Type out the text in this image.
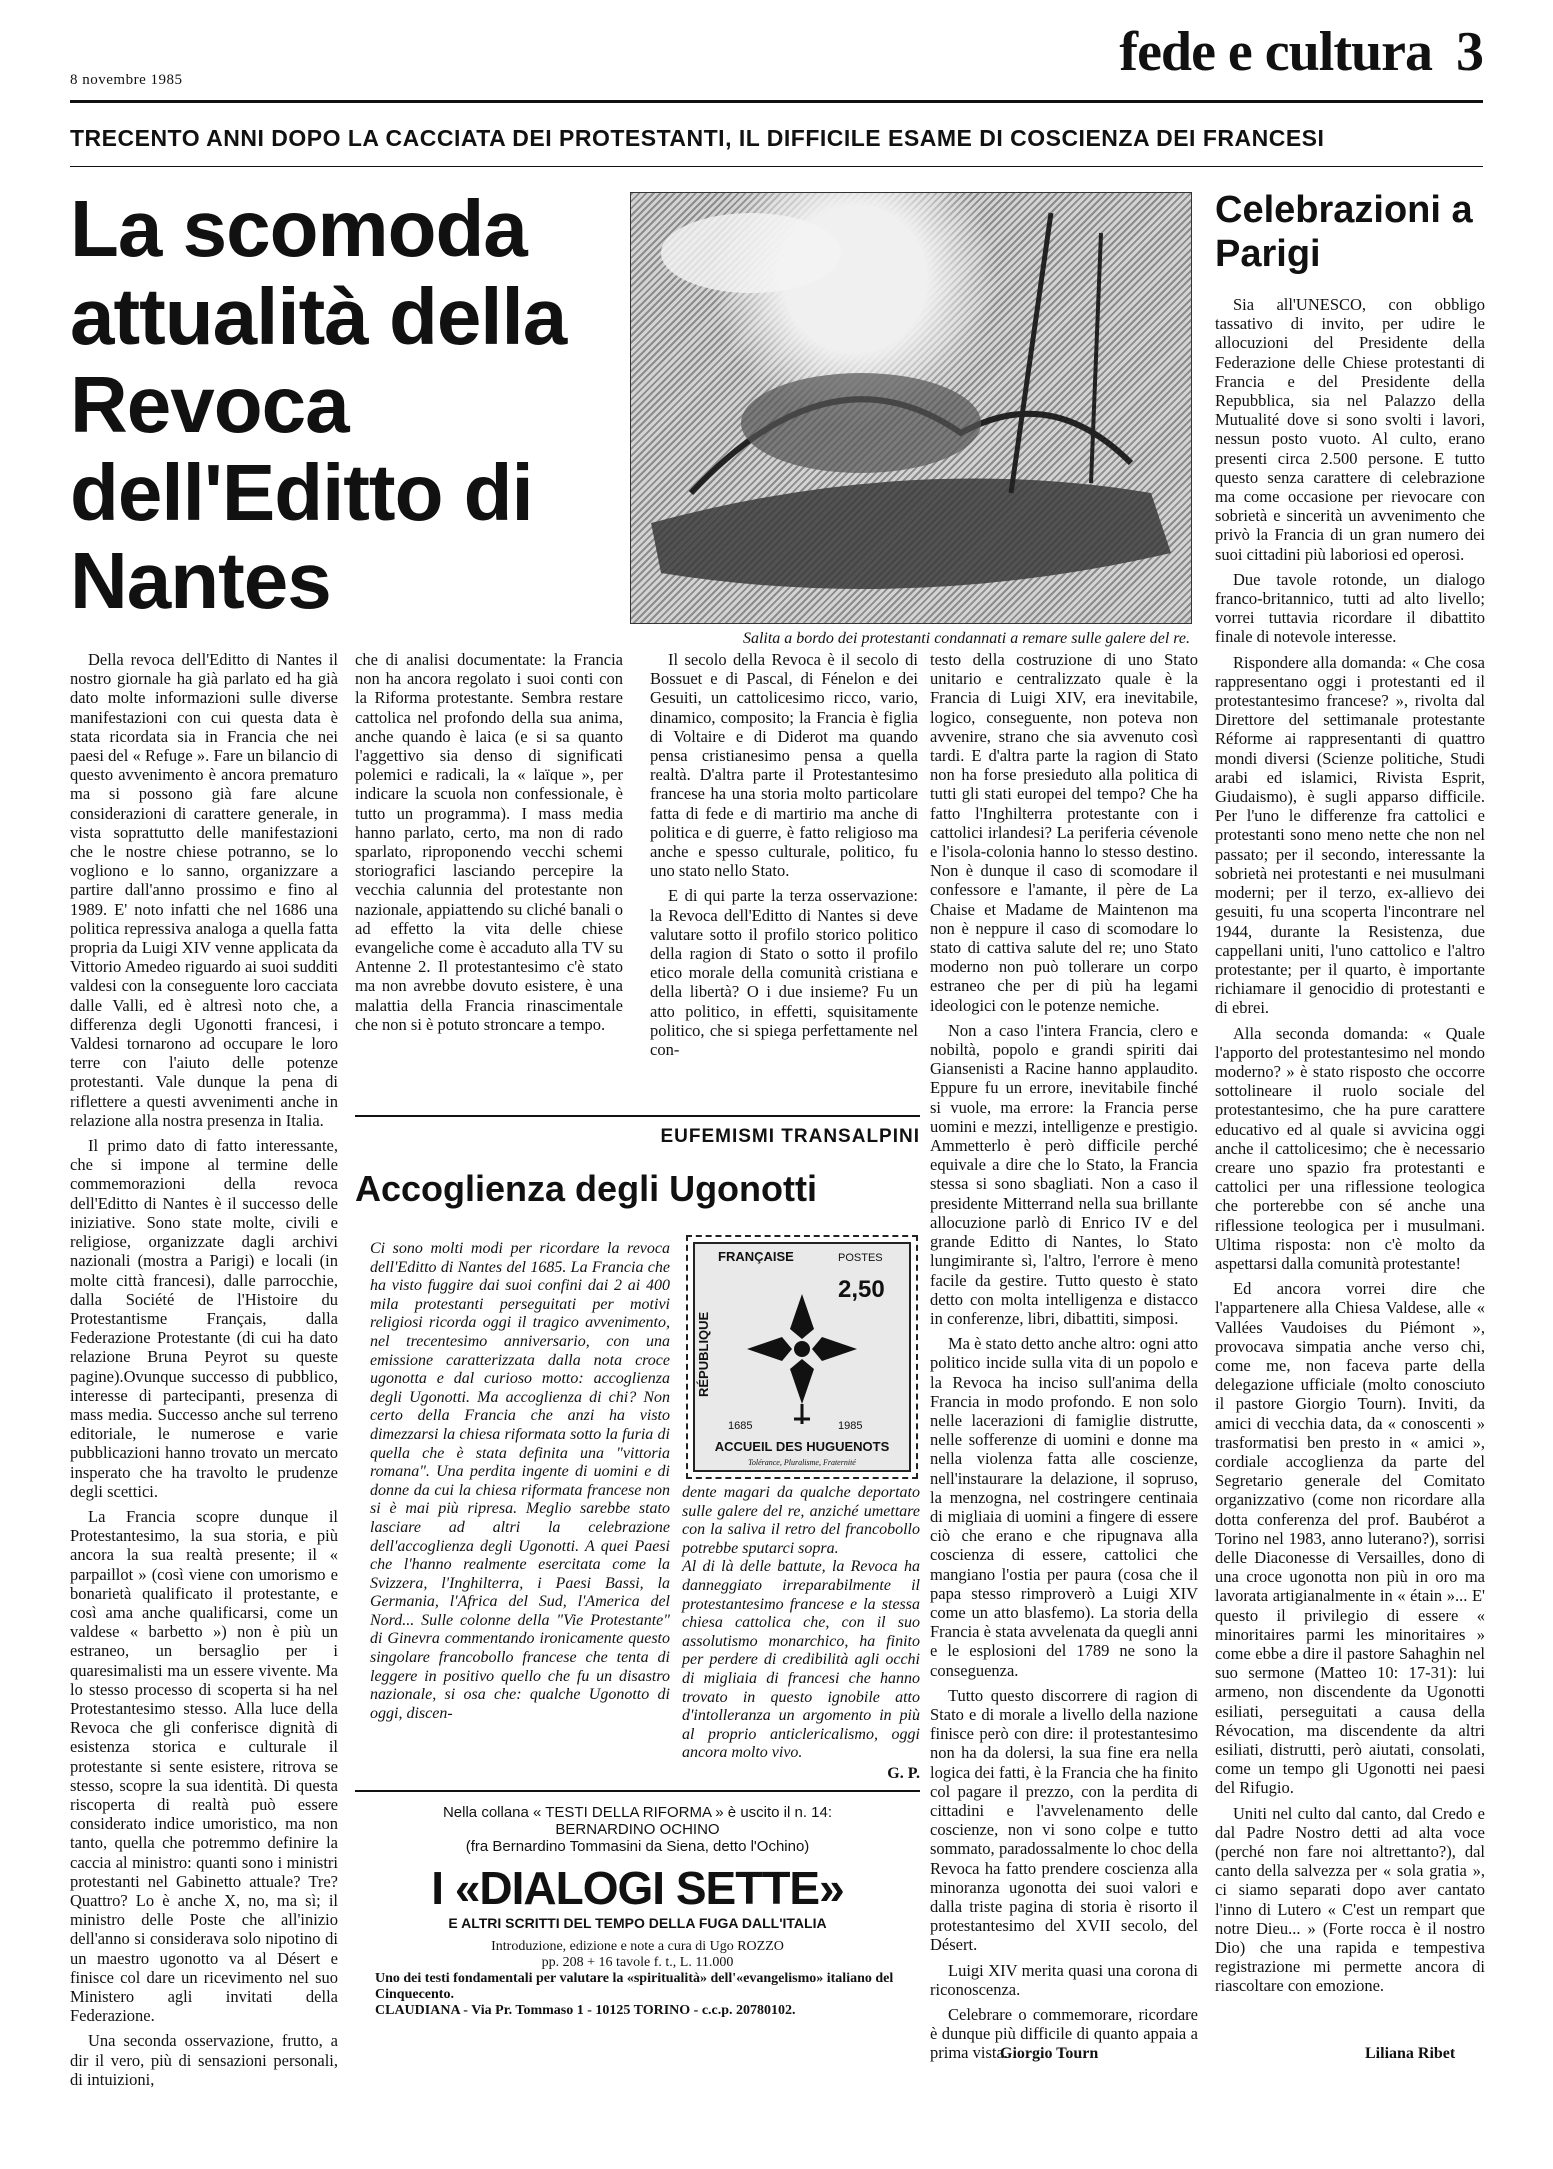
8 novembre 1985	fede e cultura 3
TRECENTO ANNI DOPO LA CACCIATA DEI PROTESTANTI, IL DIFFICILE ESAME DI COSCIENZA DEI FRANCESI
La scomoda attualità della Revoca dell'Editto di Nantes
Salita a bordo dei protestanti condannati a remare sulle galere del re.

Della revoca dell'Editto di Nantes il nostro giornale ha già parlato ed ha già dato molte informazioni sulle diverse manifestazioni con cui questa data è stata ricordata sia in Francia che nei paesi del « Refuge ». Fare un bilancio di questo avvenimento è ancora prematuro ma si possono già fare alcune considerazioni di carattere generale, in vista soprattutto delle manifestazioni che le nostre chiese potranno, se lo vogliono e lo sanno, organizzare a partire dall'anno prossimo e fino al 1989. E' noto infatti che nel 1686 una politica repressiva analoga a quella fatta propria da Luigi XIV venne applicata da Vittorio Amedeo riguardo ai suoi sudditi valdesi con la conseguente loro cacciata dalle Valli, ed è altresì noto che, a differenza degli Ugonotti francesi, i Valdesi tornarono ad occupare le loro terre con l'aiuto delle potenze protestanti. Vale dunque la pena di riflettere a questi avvenimenti anche in relazione alla nostra presenza in Italia.

Il primo dato di fatto interessante, che si impone al termine delle commemorazioni della revoca dell'Editto di Nantes è il successo delle iniziative. Sono state molte, civili e religiose, organizzate dagli archivi nazionali (mostra a Parigi) e locali (in molte città francesi), dalle parrocchie, dalla Société de l'Histoire du Protestantisme Français, dalla Federazione Protestante (di cui ha dato relazione Bruna Peyrot su queste pagine).Ovunque successo di pubblico, interesse di partecipanti, presenza di mass media. Successo anche sul terreno editoriale, le numerose e varie pubblicazioni hanno trovato un mercato insperato che ha travolto le prudenze degli scettici.

La Francia scopre dunque il Protestantesimo, la sua storia, e più ancora la sua realtà presente; il « parpaillot » (così viene con umorismo e bonarietà qualificato il protestante, e così ama anche qualificarsi, come un valdese « barbetto ») non è più un estraneo, un bersaglio per i quaresimalisti ma un essere vivente. Ma lo stesso processo di scoperta si ha nel Protestantesimo stesso. Alla luce della Revoca che gli conferisce dignità di esistenza storica e culturale il protestante si sente esistere, ritrova se stesso, scopre la sua identità. Di questa riscoperta di realtà può essere considerato indice umoristico, ma non tanto, quella che potremmo definire la caccia al ministro: quanti sono i ministri protestanti nel Gabinetto attuale? Tre? Quattro? Lo è anche X, no, ma sì; il ministro delle Poste che all'inizio dell'anno si considerava solo nipotino di un maestro ugonotto va al Désert e finisce col dare un ricevimento nel suo Ministero agli invitati della Federazione.

Una seconda osservazione, frutto, a dir il vero, più di sensazioni personali, di intuizioni,

che di analisi documentate: la Francia non ha ancora regolato i suoi conti con la Riforma protestante. Sembra restare cattolica nel profondo della sua anima, anche quando è laica (e si sa quanto l'aggettivo sia denso di significati polemici e radicali, la « laïque », per indicare la scuola non confessionale, è tutto un programma). I mass media hanno parlato, certo, ma non di rado sparlato, riproponendo vecchi schemi storiografici lasciando percepire la vecchia calunnia del protestante non nazionale, appiattendo su cliché banali o ad effetto la vita delle chiese evangeliche come è accaduto alla TV su Antenne 2. Il protestantesimo c'è stato ma non avrebbe dovuto esistere, è una malattia della Francia rinascimentale che non si è potuto stroncare a tempo.

Il secolo della Revoca è il secolo di Bossuet e di Pascal, di Fénelon e dei Gesuiti, un cattolicesimo ricco, vario, dinamico, composito; la Francia è figlia di Voltaire e di Diderot ma quando pensa cristianesimo pensa a quella realtà. D'altra parte il Protestantesimo francese ha una storia molto particolare fatta di fede e di martirio ma anche di politica e di guerre, è fatto religioso ma anche e spesso culturale, politico, fu uno stato nello Stato.

E di qui parte la terza osservazione: la Revoca dell'Editto di Nantes si deve valutare sotto il profilo storico politico della ragion di Stato o sotto il profilo etico morale della comunità cristiana e della libertà? O i due insieme? Fu un atto politico, in effetti, squisitamente politico, che si spiega perfettamente nel con-

testo della costruzione di uno Stato unitario e centralizzato quale è la Francia di Luigi XIV, era inevitabile, logico, conseguente, non poteva non avvenire, strano che sia avvenuto così tardi. E d'altra parte la ragion di Stato non ha forse presieduto alla politica di tutti gli stati europei del tempo? Che ha fatto l'Inghilterra protestante con i cattolici irlandesi? La periferia cévenole e l'isola-colonia hanno lo stesso destino. Non è dunque il caso di scomodare il confessore e l'amante, il père de La Chaise et Madame de Maintenon ma non è neppure il caso di scomodare lo stato di cattiva salute del re; uno Stato moderno non può tollerare un corpo estraneo che per di più ha legami ideologici con le potenze nemiche.

Non a caso l'intera Francia, clero e nobiltà, popolo e grandi spiriti dai Giansenisti a Racine hanno applaudito. Eppure fu un errore, inevitabile finché si vuole, ma errore: la Francia perse uomini e mezzi, intelligenze e prestigio. Ammetterlo è però difficile perché equivale a dire che lo Stato, la Francia stessa si sono sbagliati. Non a caso il presidente Mitterrand nella sua brillante allocuzione parlò di Enrico IV e del grande Editto di Nantes, lo Stato lungimirante sì, l'altro, l'errore è meno facile da gestire. Tutto questo è stato detto con molta intelligenza e distacco in conferenze, libri, dibattiti, simposi.

Ma è stato detto anche altro: ogni atto politico incide sulla vita di un popolo e la Revoca ha inciso sull'anima della Francia in modo profondo. E non solo nelle lacerazioni di famiglie distrutte, nelle sofferenze di uomini e donne ma nella violenza fatta alle coscienze, nell'instaurare la delazione, il sopruso, la menzogna, nel costringere centinaia di migliaia di uomini a fingere di essere ciò che erano e che ripugnava alla coscienza di essere, cattolici che mangiano l'ostia per paura (cosa che il papa stesso rimproverò a Luigi XIV come un atto blasfemo). La storia della Francia è stata avvelenata da quegli anni e le esplosioni del 1789 ne sono la conseguenza.

Tutto questo discorrere di ragion di Stato e di morale a livello della nazione finisce però con dire: il protestantesimo non ha da dolersi, la sua fine era nella logica dei fatti, è la Francia che ha finito col pagare il prezzo, con la perdita di cittadini e l'avvelenamento delle coscienze, non vi sono colpe e tutto sommato, paradossalmente lo choc della Revoca ha fatto prendere coscienza alla minoranza ugonotta dei suoi valori e dalla triste pagina di storia è risorto il protestantesimo del XVII secolo, del Désert.

Luigi XIV merita quasi una corona di riconoscenza.

Celebrare o commemorare, ricordare è dunque più difficile di quanto appaia a prima vista.

Celebrazioni a Parigi

Sia all'UNESCO, con obbligo tassativo di invito, per udire le allocuzioni del Presidente della Federazione delle Chiese protestanti di Francia e del Presidente della Repubblica, sia nel Palazzo della Mutualité dove si sono svolti i lavori, nessun posto vuoto. Al culto, erano presenti circa 2.500 persone. E tutto questo senza carattere di celebrazione ma come occasione per rievocare con sobrietà e sincerità un avvenimento che privò la Francia di un gran numero dei suoi cittadini più laboriosi ed operosi.

Due tavole rotonde, un dialogo franco-britannico, tutti ad alto livello; vorrei tuttavia ricordare il dibattito finale di notevole interesse.

Rispondere alla domanda: « Che cosa rappresentano oggi i protestanti ed il protestantesimo francese? », rivolta dal Direttore del settimanale protestante Réforme ai rappresentanti di quattro mondi diversi (Scienze politiche, Studi arabi ed islamici, Rivista Esprit, Giudaismo), è sugli apparso difficile. Per l'uno le differenze fra cattolici e protestanti sono meno nette che non nel passato; per il secondo, interessante la sobrietà nei protestanti e nei musulmani moderni; per il terzo, ex-allievo dei gesuiti, fu una scoperta l'incontrare nel 1944, durante la Resistenza, due cappellani uniti, l'uno cattolico e l'altro protestante; per il quarto, è importante richiamare il genocidio di protestanti e di ebrei.

Alla seconda domanda: « Quale l'apporto del protestantesimo nel mondo moderno? » è stato risposto che occorre sottolineare il ruolo sociale del protestantesimo, che ha pure carattere educativo ed al quale si avvicina oggi anche il cattolicesimo; che è necessario creare uno spazio fra protestanti e cattolici per una riflessione teologica che porterebbe con sé anche una riflessione teologica per i musulmani. Ultima risposta: non c'è molto da aspettarsi dalla comunità protestante!

Ed ancora vorrei dire che l'appartenere alla Chiesa Valdese, alle « Vallées Vaudoises du Piémont », provocava simpatia anche verso chi, come me, non faceva parte della delegazione ufficiale (molto conosciuto il pastore Giorgio Tourn). Inviti, da amici di vecchia data, da « conoscenti » trasformatisi ben presto in « amici », cordiale accoglienza da parte del Segretario generale del Comitato organizzativo (come non ricordare alla dotta conferenza del prof. Baubérot a Torino nel 1983, anno luterano?), sorrisi delle Diaconesse di Versailles, dono di una croce ugonotta non più in oro ma lavorata artigianalmente in « étain »... E' questo il privilegio di essere « minoritaires parmi les minoritaires » come ebbe a dire il pastore Sahaghin nel suo sermone (Matteo 10: 17-31): lui armeno, non discendente da Ugonotti esiliati, perseguitati a causa della Révocation, ma discendente da altri esiliati, distrutti, però aiutati, consolati, come un tempo gli Ugonotti nei paesi del Rifugio.

Uniti nel culto dal canto, dal Credo e dal Padre Nostro detti ad alta voce (perché non fare noi altrettanto?), dal canto della salvezza per « sola gratia », ci siamo separati dopo aver cantato l'inno di Lutero « C'est un rempart que notre Dieu... » (Forte rocca è il nostro Dio) che una rapida e tempestiva registrazione mi permette ancora di riascoltare con emozione.

EUFEMISMI TRANSALPINI
Accoglienza degli Ugonotti
Ci sono molti modi per ricordare la revoca dell'Editto di Nantes del 1685. La Francia che ha visto fuggire dai suoi confini dai 2 ai 400 mila protestanti perseguitati per motivi religiosi ricorda oggi il tragico avvenimento, nel trecentesimo anniversario, con una emissione caratterizzata dalla nota croce ugonotta e dal curioso motto: accoglienza degli Ugonotti. Ma accoglienza di chi? Non certo della Francia che anzi ha visto dimezzarsi la chiesa riformata sotto la furia di quella che è stata definita una "vittoria romana". Una perdita ingente di uomini e di donne da cui la chiesa riformata francese non si è mai più ripresa. Meglio sarebbe stato lasciare ad altri la celebrazione dell'accoglienza degli Ugonotti. A quei Paesi che l'hanno realmente esercitata come la Svizzera, l'Inghilterra, i Paesi Bassi, la Germania, l'Africa del Sud, l'America del Nord... Sulle colonne della "Vie Protestante" di Ginevra commentando ironicamente questo singolare francobollo francese che tenta di leggere in positivo quello che fu un disastro nazionale, si osa che: qualche Ugonotto di oggi, discen-
FRANÇAISE	POSTES
RÉPUBLIQUE
2,50
1685	1985
ACCUEIL DES HUGUENOTS
Tolérance, Pluralisme, Fraternité
dente magari da qualche deportato sulle galere del re, anziché umettare con la saliva il retro del francobollo potrebbe sputarci sopra.
Al di là delle battute, la Revoca ha danneggiato irreparabilmente il protestantesimo francese e la stessa chiesa cattolica che, con il suo assolutismo monarchico, ha finito per perdere di credibilità agli occhi di migliaia di francesi che hanno trovato in questo ignobile atto d'intolleranza un argomento in più al proprio anticlericalismo, oggi ancora molto vivo.
G. P.
Nella collana « TESTI DELLA RIFORMA » è uscito il n. 14:
BERNARDINO OCHINO
(fra Bernardino Tommasini da Siena, detto l'Ochino)
I «DIALOGI SETTE»
E ALTRI SCRITTI DEL TEMPO DELLA FUGA DALL'ITALIA
Introduzione, edizione e note a cura di Ugo ROZZO
pp. 208 + 16 tavole f. t., L. 11.000
Uno dei testi fondamentali per valutare la «spiritualità» dell'«evangelismo» italiano del Cinquecento.
CLAUDIANA - Via Pr. Tommaso 1 - 10125 TORINO - c.c.p. 20780102.
Giorgio Tourn	Liliana Ribet
